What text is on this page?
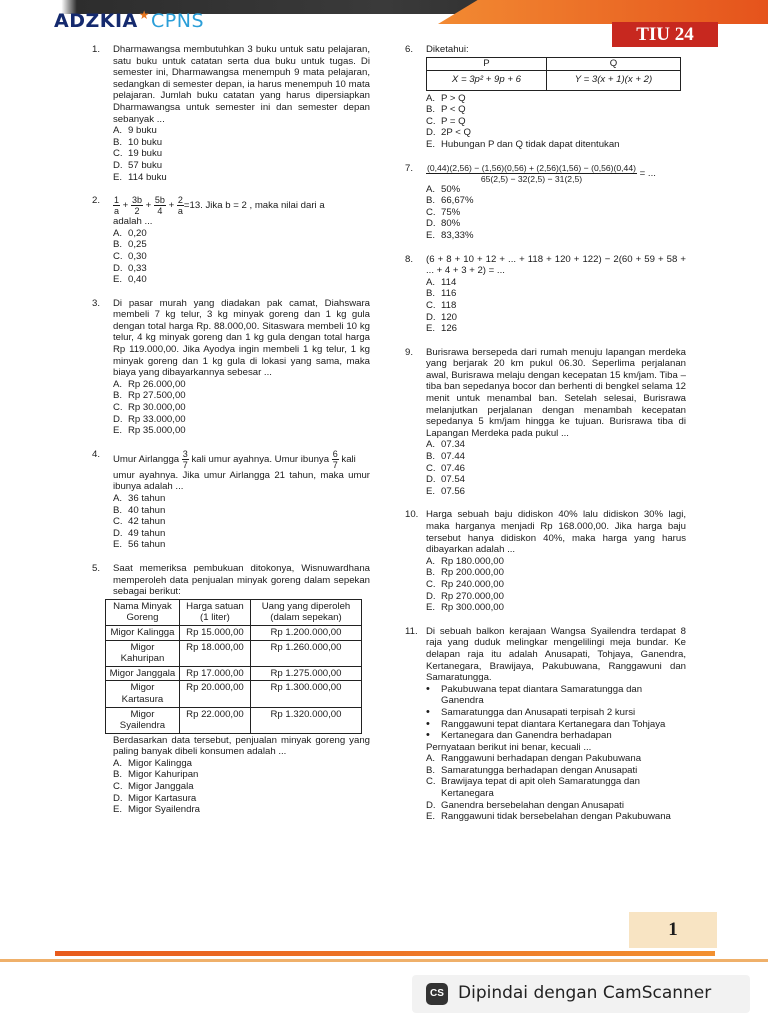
ADZKIA★CPNS
TIU 24
1. Dharmawangsa membutuhkan 3 buku untuk satu pelajaran, satu buku untuk catatan serta dua buku untuk tugas. Di semester ini, Dharmawangsa menempuh 9 mata pelajaran, sedangkan di semester depan, ia harus menempuh 10 mata pelajaran. Jumlah buku catatan yang harus dipersiapkan Dharmawangsa untuk semester ini dan semester depan sebanyak ...
A. 9 buku
B. 10 buku
C. 19 buku
D. 57 buku
E. 114 buku
2. $\frac{1}{a} + \frac{3b}{2} + \frac{5b}{4} + \frac{2}{a} =13$. Jika b = 2 , maka nilai dari a
adalah ...
A. 0,20
B. 0,25
C. 0,30
D. 0,33
E. 0,40
3. Di pasar murah yang diadakan pak camat, Diahswara membeli 7 kg telur, 3 kg minyak goreng dan 1 kg gula dengan total harga Rp. 88.000,00. Sitaswara membeli 10 kg telur, 4 kg minyak goreng dan 1 kg gula dengan total harga Rp 119.000,00. Jika Ayodya ingin membeli 1 kg telur, 1 kg minyak goreng dan 1 kg gula di lokasi yang sama, maka biaya yang dibayarkannya sebesar ...
A. Rp 26.000,00
B. Rp 27.500,00
C. Rp 30.000,00
D. Rp 33.000,00
E. Rp 35.000,00
4. Umur Airlangga $\frac{3}{7}$ kali umur ayahnya. Umur ibunya $\frac{6}{7}$ kali
umur ayahnya. Jika umur Airlangga 21 tahun, maka umur ibunya adalah ...
A. 36 tahun
B. 40 tahun
C. 42 tahun
D. 49 tahun
E. 56 tahun
5. Saat memeriksa pembukuan ditokonya, Wisnuwardhana memperoleh data penjualan minyak goreng dalam sepekan sebagai berikut:
Nama Minyak Goreng	Harga satuan (1 liter)	Uang yang diperoleh (dalam sepekan)
Migor Kalingga	Rp 15.000,00	Rp 1.200.000,00
Migor Kahuripan	Rp 18.000,00	Rp 1.260.000,00
Migor Janggala	Rp 17.000,00	Rp 1.275.000,00
Migor Kartasura	Rp 20.000,00	Rp 1.300.000,00
Migor Syailendra	Rp 22.000,00	Rp 1.320.000,00
Berdasarkan data tersebut, penjualan minyak goreng yang paling banyak dibeli konsumen adalah ...
A. Migor Kalingga
B. Migor Kahuripan
C. Migor Janggala
D. Migor Kartasura
E. Migor Syailendra
6. Diketahui:
P	Q
X = 3p² + 9p + 6	Y = 3(x + 1)(x + 2)
A. P > Q
B. P < Q
C. P = Q
D. 2P < Q
E. Hubungan P dan Q tidak dapat ditentukan
7. $\frac{(0,44)(2,56) - (1,56)(0,56) + (2,56)(1,56) - (0,56)(0,44)}{65(2,5) - 32(2,5) - 31(2,5)}$ = ...
A. 50%
B. 66,67%
C. 75%
D. 80%
E. 83,33%
8. (6 + 8 + 10 + 12 + ... + 118 + 120 + 122) − 2(60 + 59 + 58 + ... + 4 + 3 + 2) = ...
A. 114
B. 116
C. 118
D. 120
E. 126
9. Burisrawa bersepeda dari rumah menuju lapangan merdeka yang berjarak 20 km pukul 06.30. Seperlima perjalanan awal, Burisrawa melaju dengan kecepatan 15 km/jam. Tiba – tiba ban sepedanya bocor dan berhenti di bengkel selama 12 menit untuk menambal ban. Setelah selesai, Burisrawa melanjutkan perjalanan dengan menambah kecepatan sepedanya 5 km/jam hingga ke tujuan. Burisrawa tiba di Lapangan Merdeka pada pukul ...
A. 07.34
B. 07.44
C. 07.46
D. 07.54
E. 07.56
10. Harga sebuah baju didiskon 40% lalu didiskon 30% lagi, maka harganya menjadi Rp 168.000,00. Jika harga baju tersebut hanya didiskon 40%, maka harga yang harus dibayarkan adalah ...
A. Rp 180.000,00
B. Rp 200.000,00
C. Rp 240.000,00
D. Rp 270.000,00
E. Rp 300.000,00
11. Di sebuah balkon kerajaan Wangsa Syailendra terdapat 8 raja yang duduk melingkar mengelilingi meja bundar. Ke delapan raja itu adalah Anusapati, Tohjaya, Ganendra, Kertanegara, Brawijaya, Pakubuwana, Ranggawuni dan Samaratungga.
•	Pakubuwana tepat diantara Samaratungga dan Ganendra
•	Samaratungga dan Anusapati terpisah 2 kursi
•	Ranggawuni tepat diantara Kertanegara dan Tohjaya
•	Kertanegara dan Ganendra berhadapan
Pernyataan berikut ini benar, kecuali ...
A. Ranggawuni berhadapan dengan Pakubuwana
B. Samaratungga berhadapan dengan Anusapati
C. Brawijaya tepat di apit oleh Samaratungga dan Kertanegara
D. Ganendra bersebelahan dengan Anusapati
E. Ranggawuni tidak bersebelahan dengan Pakubuwana
1
CS Dipindai dengan CamScanner
